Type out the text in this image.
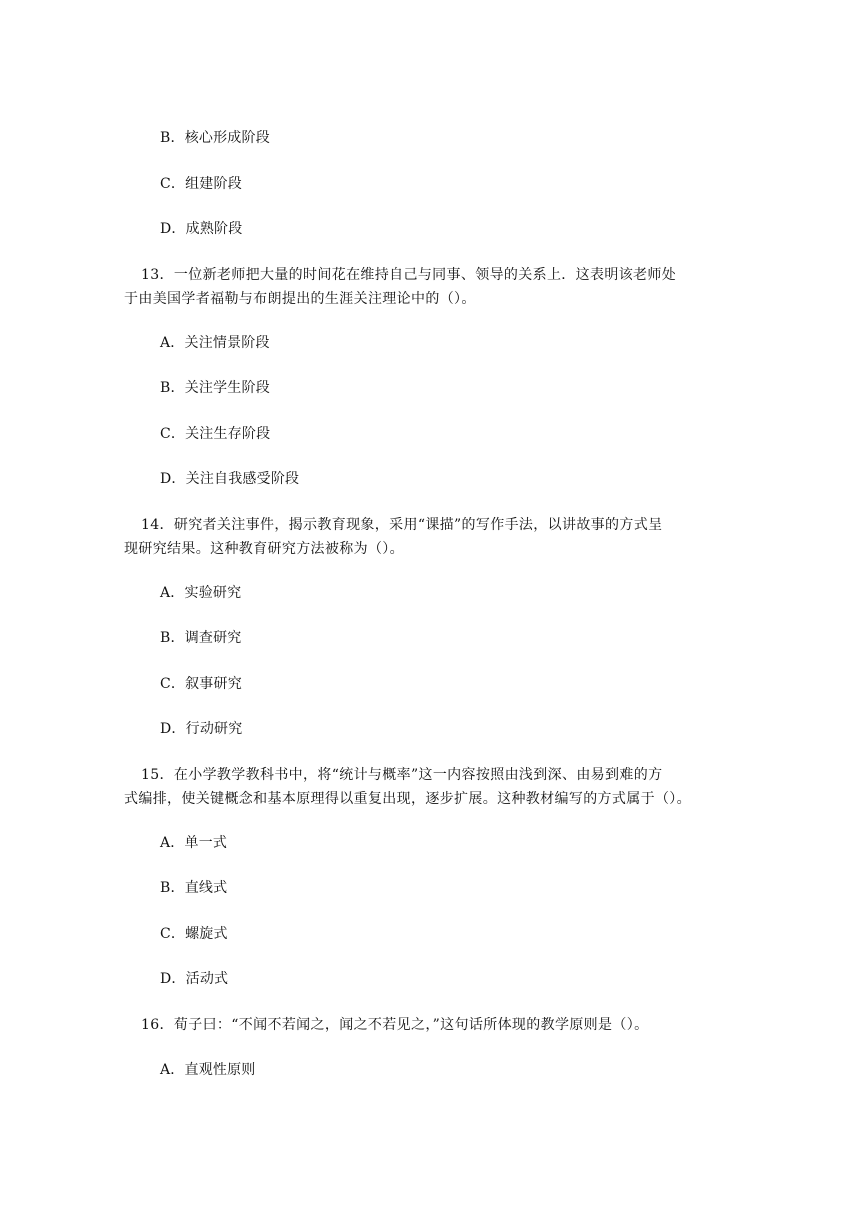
B．核心形成阶段
C．组建阶段
D．成熟阶段
13．一位新老师把大量的时间花在维持自己与同事、领导的关系上．这表明该老师处
于由美国学者福勒与布朗提出的生涯关注理论中的（）。
A．关注情景阶段
B．关注学生阶段
C．关注生存阶段
D．关注自我感受阶段
14．研究者关注事件，揭示教育现象，采用“课描”的写作手法，以讲故事的方式呈
现研究结果。这种教育研究方法被称为（）。
A．实验研究
B．调查研究
C．叙事研究
D．行动研究
15．在小学教学教科书中，将“统计与概率”这一内容按照由浅到深、由易到难的方
式编排，使关键概念和基本原理得以重复出现，逐步扩展。这种教材编写的方式属于（）。
A．单一式
B．直线式
C．螺旋式
D．活动式
16．荀子曰：“不闻不若闻之，闻之不若见之，”这句话所体现的教学原则是（）。
A．直观性原则
